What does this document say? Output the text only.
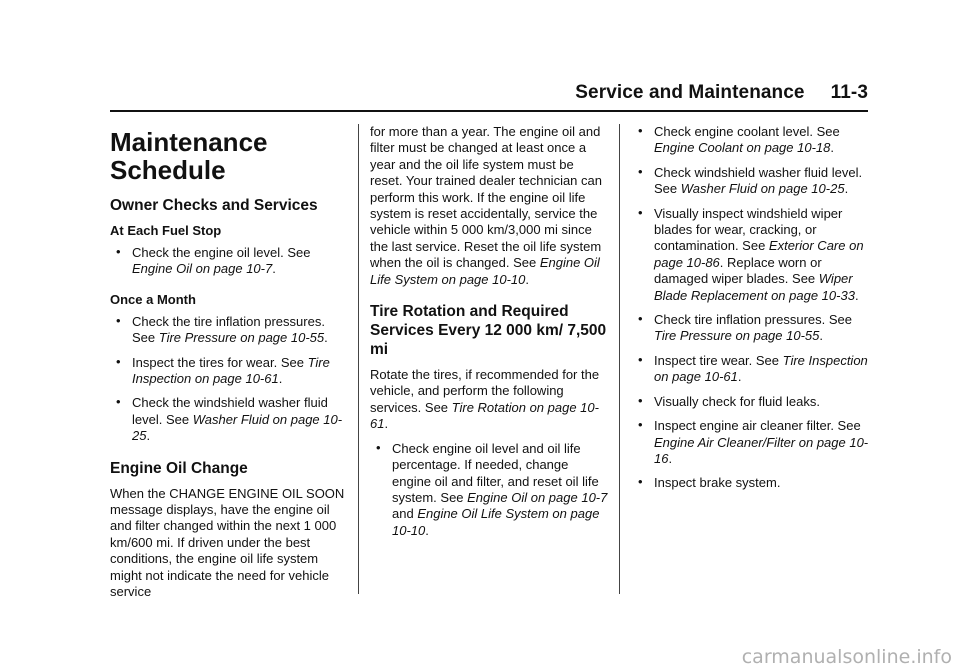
Service and Maintenance 11-3
Maintenance
Schedule
Owner Checks and Services
At Each Fuel Stop
• Check the engine oil level. See Engine Oil on page 10-7.
Once a Month
• Check the tire inflation pressures. See Tire Pressure on page 10-55.
• Inspect the tires for wear. See Tire Inspection on page 10-61.
• Check the windshield washer fluid level. See Washer Fluid on page 10-25.
Engine Oil Change

When the CHANGE ENGINE OIL SOON message displays, have the engine oil and filter changed within the next 1 000 km/600 mi. If driven under the best conditions, the engine oil life system might not indicate the need for vehicle service

for more than a year. The engine oil and filter must be changed at least once a year and the oil life system must be reset. Your trained dealer technician can perform this work. If the engine oil life system is reset accidentally, service the vehicle within 5 000 km/3,000 mi since the last service. Reset the oil life system when the oil is changed. See Engine Oil Life System on page 10-10.

Tire Rotation and Required Services Every 12 000 km/ 7,500 mi

Rotate the tires, if recommended for the vehicle, and perform the following services. See Tire Rotation on page 10-61.

• Check engine oil level and oil life percentage. If needed, change engine oil and filter, and reset oil life system. See Engine Oil on page 10-7 and Engine Oil Life System on page 10-10.
• Check engine coolant level. See Engine Coolant on page 10-18.
• Check windshield washer fluid level. See Washer Fluid on page 10-25.
• Visually inspect windshield wiper blades for wear, cracking, or contamination. See Exterior Care on page 10-86. Replace worn or damaged wiper blades. See Wiper Blade Replacement on page 10-33.
• Check tire inflation pressures. See Tire Pressure on page 10-55.
• Inspect tire wear. See Tire Inspection on page 10-61.
• Visually check for fluid leaks.
• Inspect engine air cleaner filter. See Engine Air Cleaner/Filter on page 10-16.
• Inspect brake system.
carmanualsonline.info
